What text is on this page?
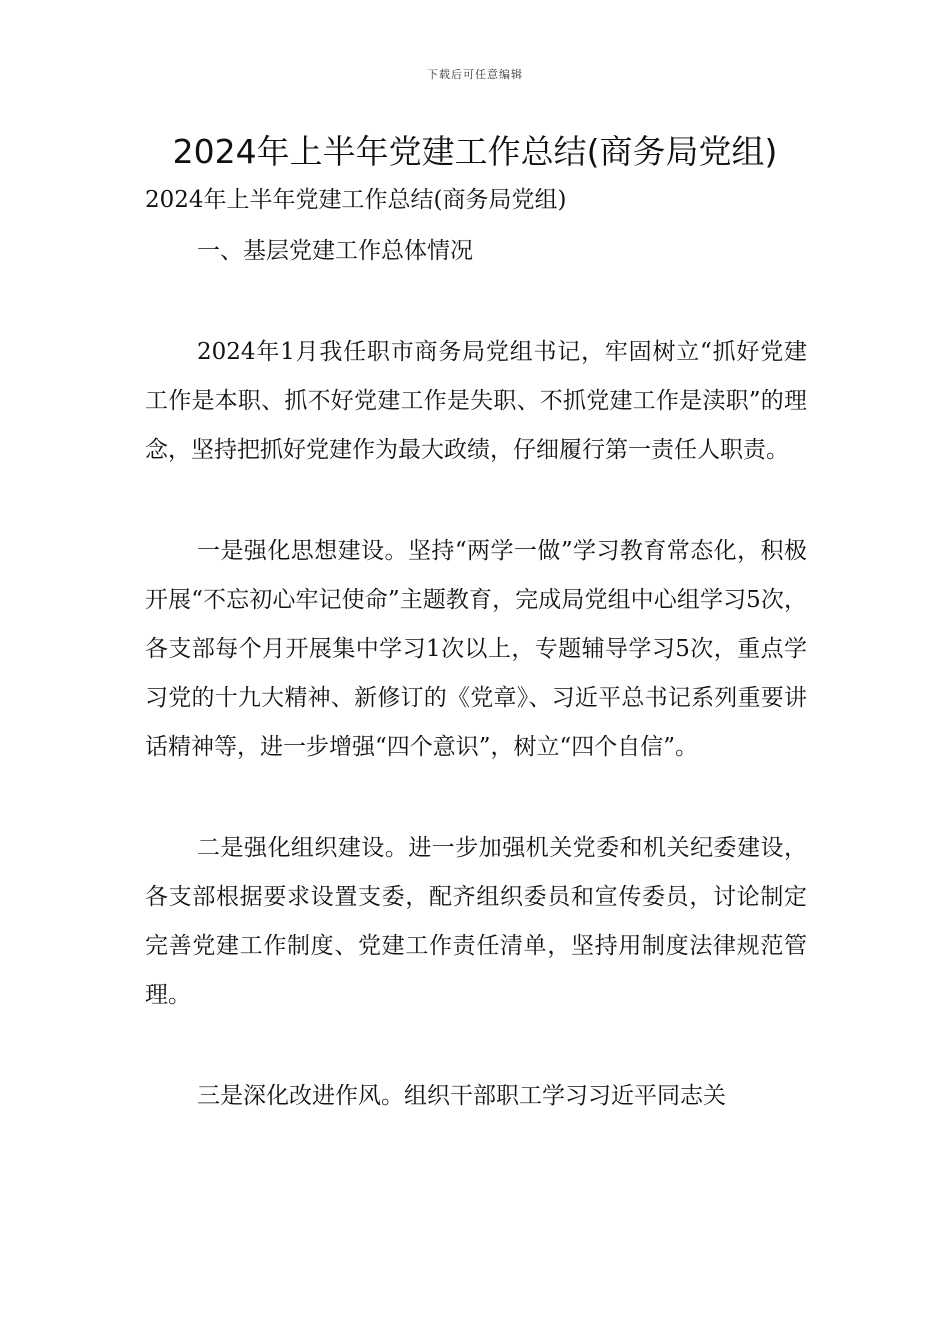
下载后可任意编辑
2024年上半年党建工作总结(商务局党组)

2024年上半年党建工作总结(商务局党组)

一、基层党建工作总体情况

2024年1月我任职市商务局党组书记，牢固树立“抓好党建工作是本职、抓不好党建工作是失职、不抓党建工作是渎职”的理念，坚持把抓好党建作为最大政绩，仔细履行第一责任人职责。

一是强化思想建设。坚持“两学一做”学习教育常态化，积极开展“不忘初心牢记使命”主题教育，完成局党组中心组学习5次，各支部每个月开展集中学习1次以上，专题辅导学习5次，重点学习党的十九大精神、新修订的《党章》、习近平总书记系列重要讲话精神等，进一步增强“四个意识”，树立“四个自信”。

二是强化组织建设。进一步加强机关党委和机关纪委建设，各支部根据要求设置支委，配齐组织委员和宣传委员，讨论制定完善党建工作制度、党建工作责任清单，坚持用制度法律规范管理。

三是深化改进作风。组织干部职工学习习近平同志关
